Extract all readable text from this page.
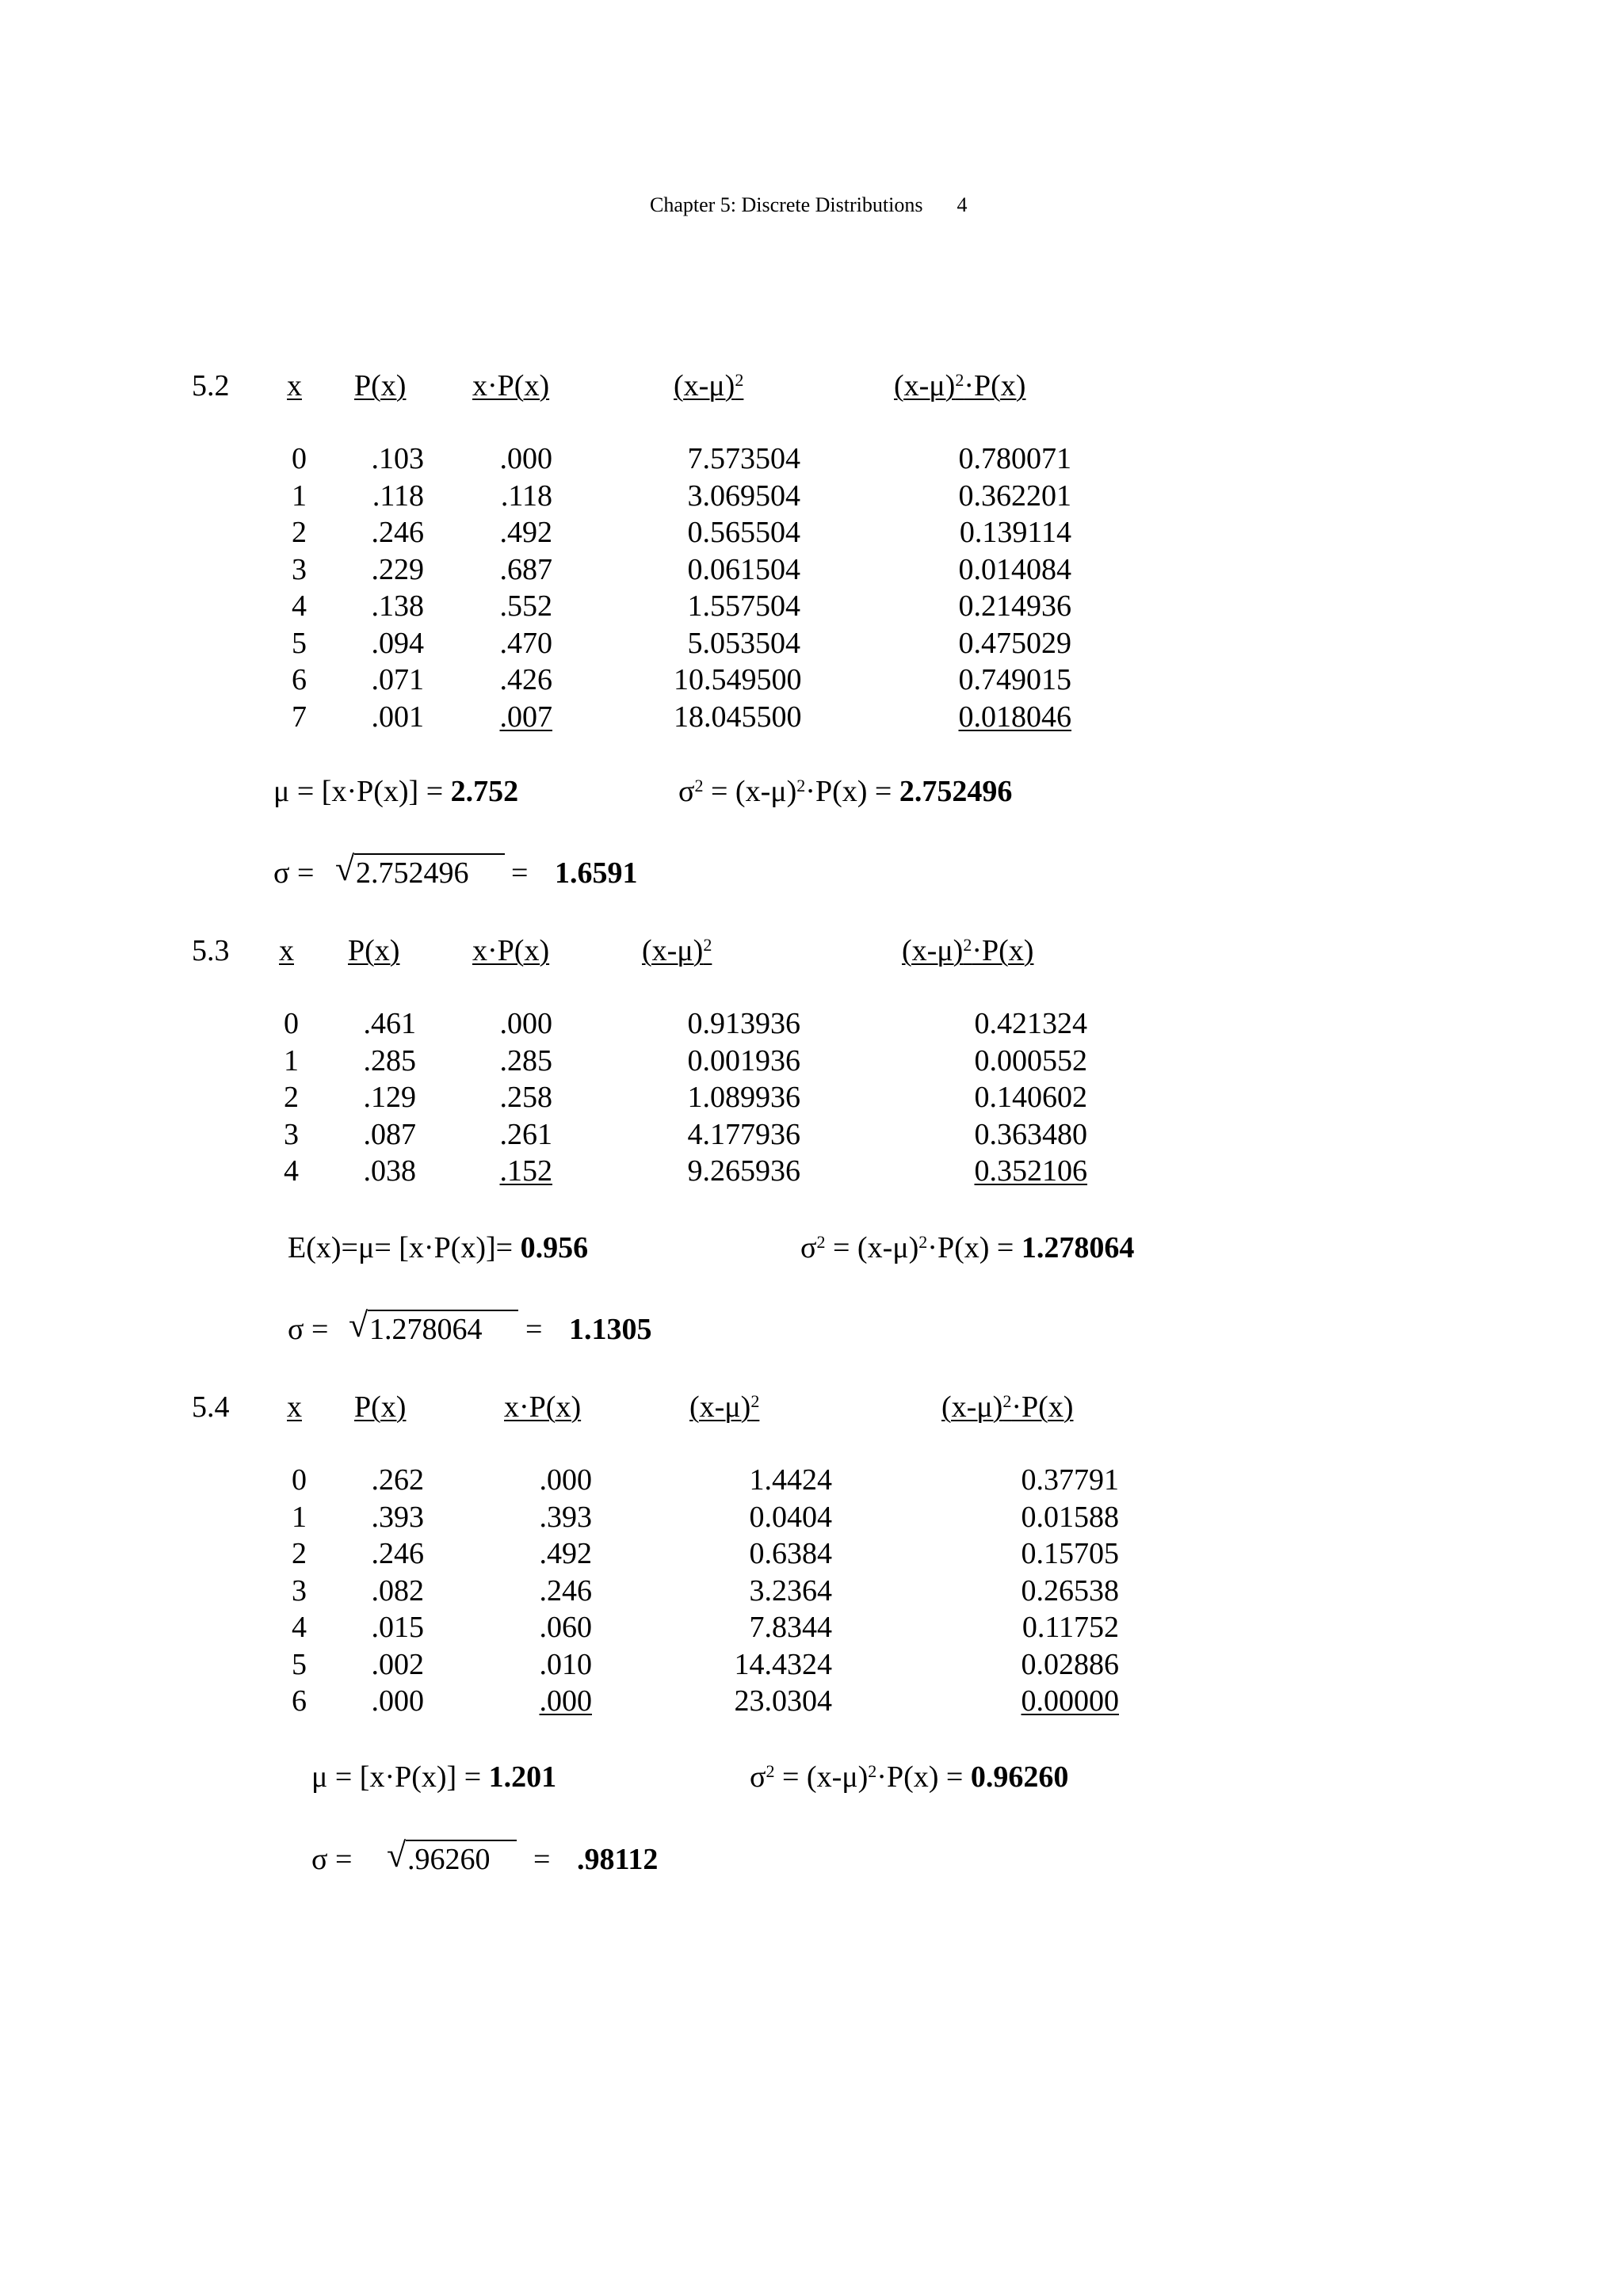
Chapter 5: Discrete Distributions 4
5.2 x P(x) x·P(x)	$(x-\mu)^2$	$(x-\mu)^2\cdot P(x)$
0	.103	.000	7.573504	0.780071
1	.118	.118	3.069504	0.362201
2	.246	.492	0.565504	0.139114
3	.229	.687	0.061504	0.014084
4	.138	.552	1.557504	0.214936
5	.094	.470	5.053504	0.475029
6	.071	.426	10.549500	0.749015
7	.001	.007	18.045500	0.018046
μ = [x·P(x)] = 2.752	$\sigma^2 = (x-\mu)^2\cdot P(x) = 2.752496$
σ = √ 2.752496 = 1.6591
5.3 x P(x) x·P(x)	$(x-\mu)^2$	$(x-\mu)^2\cdot P(x)$
0	.461	.000	0.913936	0.421324
1	.285	.285	0.001936	0.000552
2	.129	.258	1.089936	0.140602
3	.087	.261	4.177936	0.363480
4	.038	.152	9.265936	0.352106
E(x)=μ= [x·P(x)]= 0.956	$\sigma^2 = (x-\mu)^2\cdot P(x) = 1.278064$
σ = √ 1.278064 = 1.1305
5.4 x P(x)	x·P(x)	$(x-\mu)^2$	$(x-\mu)^2\cdot P(x)$
0	.262	.000	1.4424	0.37791
1	.393	.393	0.0404	0.01588
2	.246	.492	0.6384	0.15705
3	.082	.246	3.2364	0.26538
4	.015	.060	7.8344	0.11752
5	.002	.010	14.4324	0.02886
6	.000	.000	23.0304	0.00000
μ = [x·P(x)] = 1.201	$\sigma^2 = (x-\mu)^2\cdot P(x) = 0.96260$
σ = √ .96260 = .98112
